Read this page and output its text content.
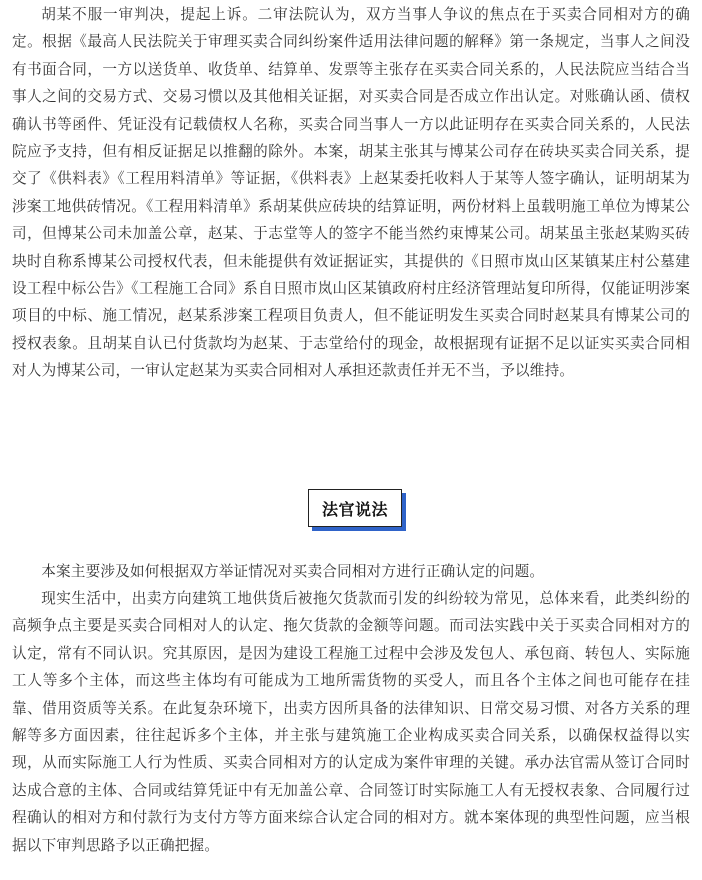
胡某不服一审判决，提起上诉。二审法院认为，双方当事人争议的焦点在于买卖合同相对方的确定。根据《最高人民法院关于审理买卖合同纠纷案件适用法律问题的解释》第一条规定，当事人之间没有书面合同，一方以送货单、收货单、结算单、发票等主张存在买卖合同关系的，人民法院应当结合当事人之间的交易方式、交易习惯以及其他相关证据，对买卖合同是否成立作出认定。对账确认函、债权确认书等函件、凭证没有记载债权人名称，买卖合同当事人一方以此证明存在买卖合同关系的，人民法院应予支持，但有相反证据足以推翻的除外。本案，胡某主张其与博某公司存在砖块买卖合同关系，提交了《供料表》《工程用料清单》等证据，《供料表》上赵某委托收料人于某等人签字确认，证明胡某为涉案工地供砖情况。《工程用料清单》系胡某供应砖块的结算证明，两份材料上虽载明施工单位为博某公司，但博某公司未加盖公章，赵某、于志堂等人的签字不能当然约束博某公司。胡某虽主张赵某购买砖块时自称系博某公司授权代表，但未能提供有效证据证实，其提供的《日照市岚山区某镇某庄村公墓建设工程中标公告》《工程施工合同》系自日照市岚山区某镇政府村庄经济管理站复印所得，仅能证明涉案项目的中标、施工情况，赵某系涉案工程项目负责人，但不能证明发生买卖合同时赵某具有博某公司的授权表象。且胡某自认已付货款均为赵某、于志堂给付的现金，故根据现有证据不足以证实买卖合同相对人为博某公司，一审认定赵某为买卖合同相对人承担还款责任并无不当，予以维持。

法官说法

本案主要涉及如何根据双方举证情况对买卖合同相对方进行正确认定的问题。

现实生活中，出卖方向建筑工地供货后被拖欠货款而引发的纠纷较为常见，总体来看，此类纠纷的高频争点主要是买卖合同相对人的认定、拖欠货款的金额等问题。而司法实践中关于买卖合同相对方的认定，常有不同认识。究其原因，是因为建设工程施工过程中会涉及发包人、承包商、转包人、实际施工人等多个主体，而这些主体均有可能成为工地所需货物的买受人，而且各个主体之间也可能存在挂靠、借用资质等关系。在此复杂环境下，出卖方因所具备的法律知识、日常交易习惯、对各方关系的理解等多方面因素，往往起诉多个主体，并主张与建筑施工企业构成买卖合同关系，以确保权益得以实现，从而实际施工人行为性质、买卖合同相对方的认定成为案件审理的关键。承办法官需从签订合同时达成合意的主体、合同或结算凭证中有无加盖公章、合同签订时实际施工人有无授权表象、合同履行过程确认的相对方和付款行为支付方等方面来综合认定合同的相对方。就本案体现的典型性问题，应当根据以下审判思路予以正确把握。
